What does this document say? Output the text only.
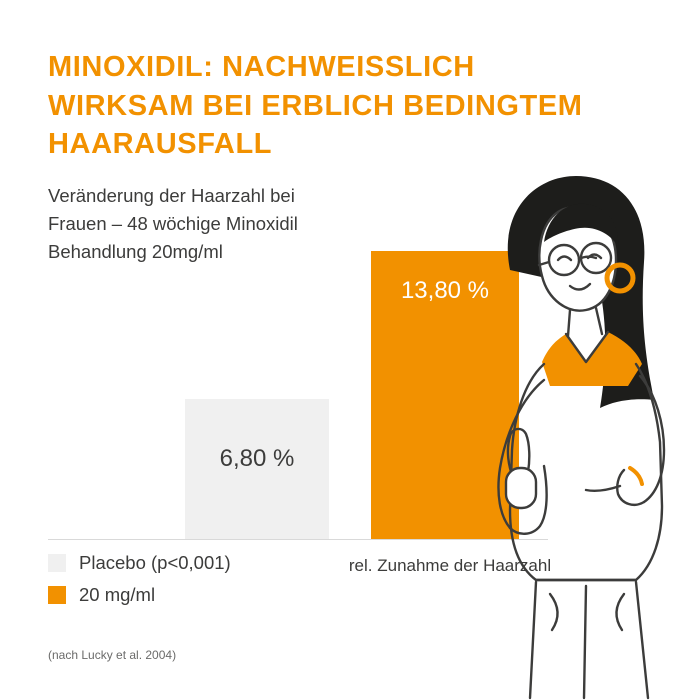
MINOXIDIL: NACHWEISSLICH WIRKSAM BEI ERBLICH BEDINGTEM HAARAUSFALL
Veränderung der Haarzahl bei Frauen – 48 wöchige Minoxidil Behandlung 20mg/ml
6,80 %
13,80 %
Placebo (p<0,001)
20 mg/ml
rel. Zunahme der Haarzahl
(nach Lucky et al. 2004)
